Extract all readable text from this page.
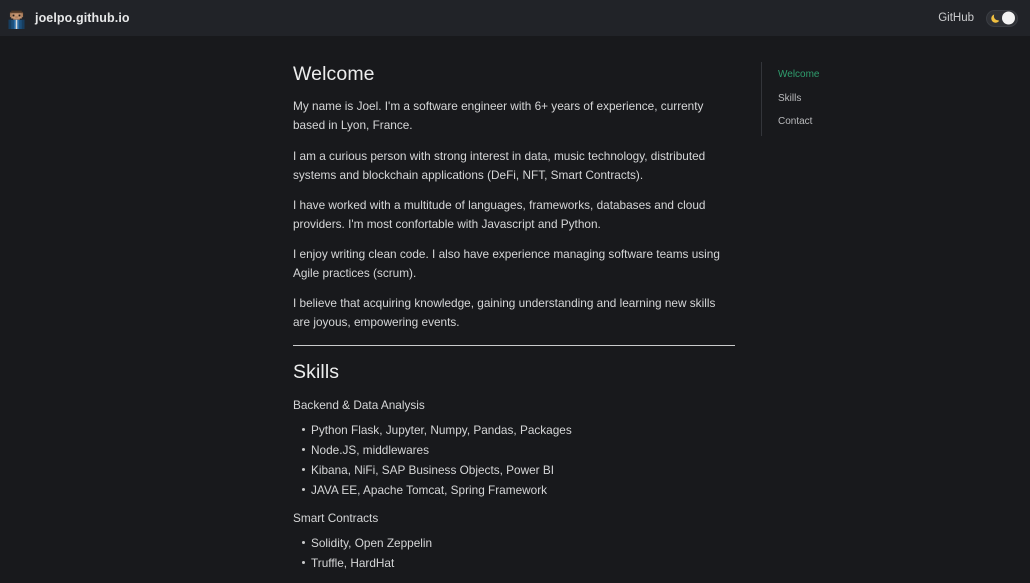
joelpo.github.io	GitHub
Welcome

My name is Joel. I'm a software engineer with 6+ years of experience, currenty based in Lyon, France.

I am a curious person with strong interest in data, music technology, distributed systems and blockchain applications (DeFi, NFT, Smart Contracts).

I have worked with a multitude of languages, frameworks, databases and cloud providers. I'm most confortable with Javascript and Python.

I enjoy writing clean code. I also have experience managing software teams using Agile practices (scrum).

I believe that acquiring knowledge, gaining understanding and learning new skills are joyous, empowering events.

Skills

Backend & Data Analysis

Python Flask, Jupyter, Numpy, Pandas, Packages
Node.JS, middlewares
Kibana, NiFi, SAP Business Objects, Power BI
JAVA EE, Apache Tomcat, Spring Framework

Smart Contracts

Solidity, Open Zeppelin
Truffle, HardHat
Welcome
Skills
Contact
